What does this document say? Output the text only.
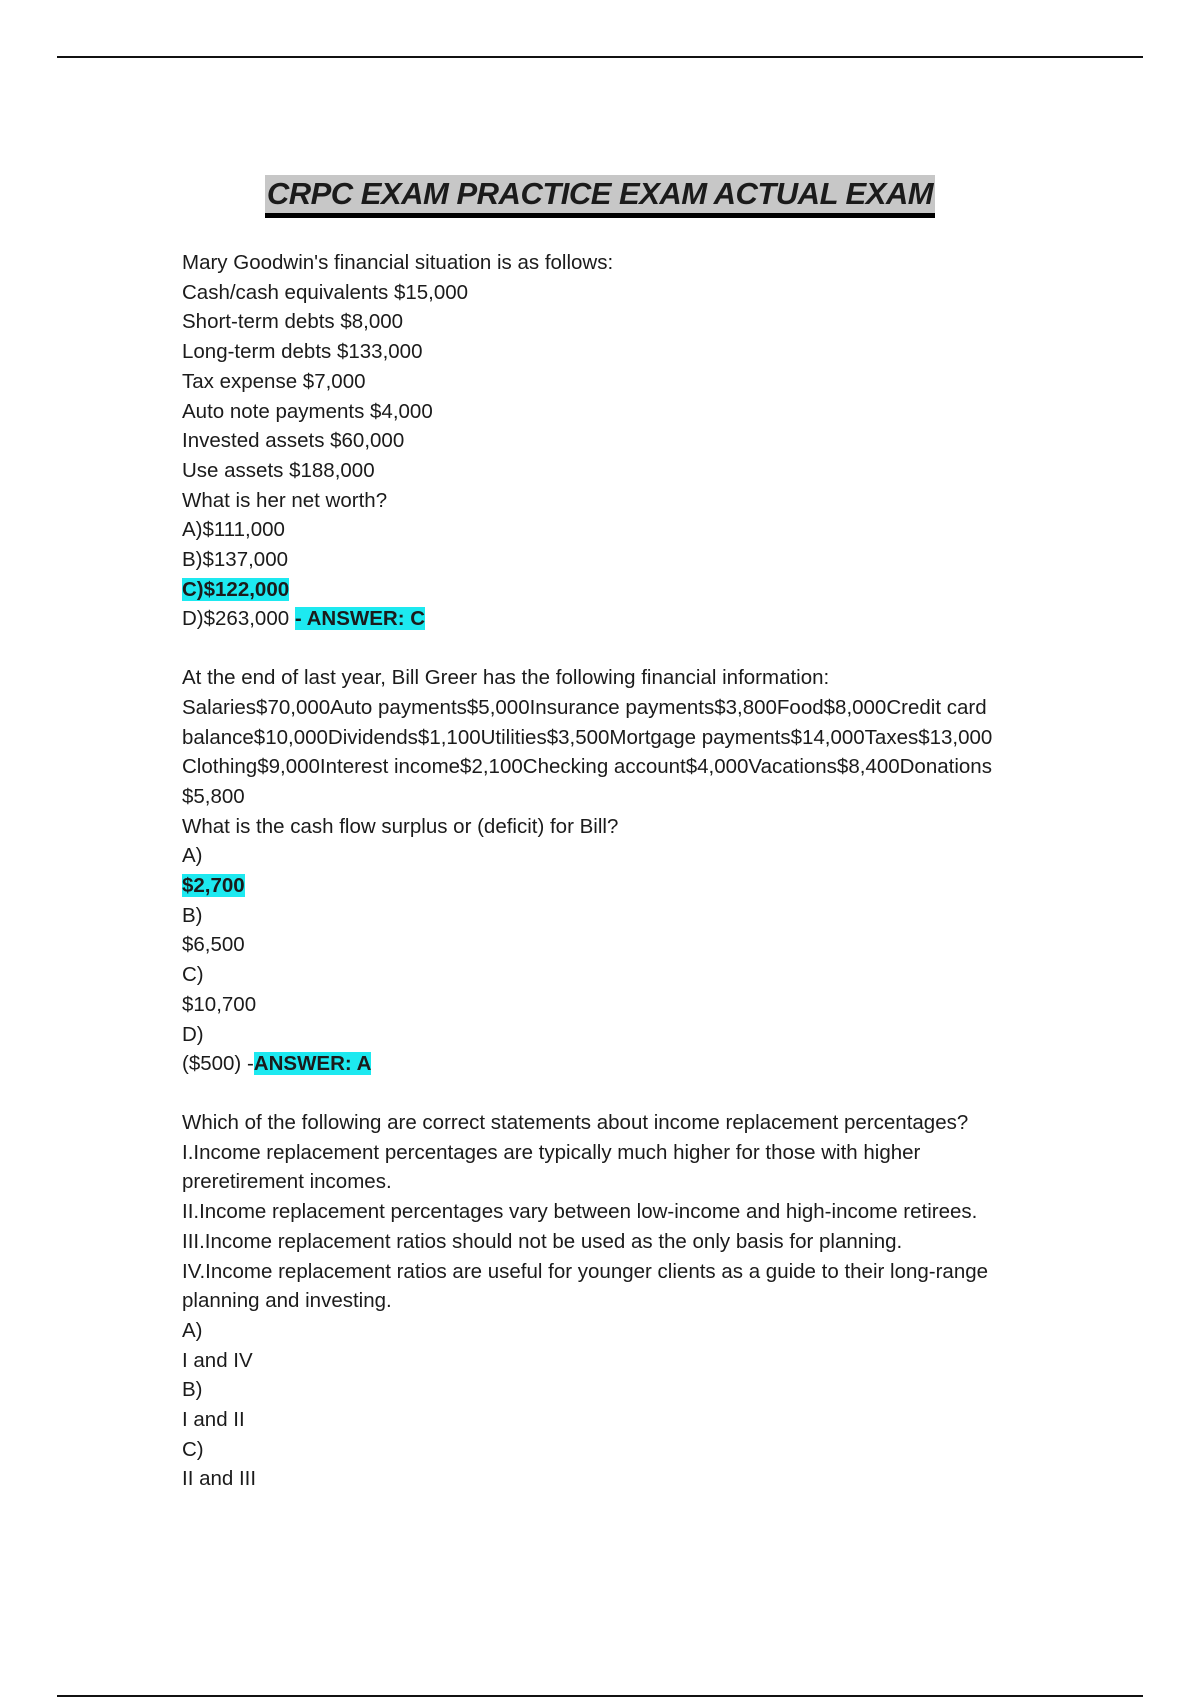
CRPC EXAM PRACTICE EXAM ACTUAL EXAM
Mary Goodwin's financial situation is as follows:
Cash/cash equivalents $15,000
Short-term debts $8,000
Long-term debts $133,000
Tax expense $7,000
Auto note payments $4,000
Invested assets $60,000
Use assets $188,000
What is her net worth?
A)$111,000
B)$137,000
C)$122,000
D)$263,000 - ANSWER: C
At the end of last year, Bill Greer has the following financial information:
Salaries$70,000Auto payments$5,000Insurance payments$3,800Food$8,000Credit card balance$10,000Dividends$1,100Utilities$3,500Mortgage payments$14,000Taxes$13,000Clothing$9,000Interest income$2,100Checking account$4,000Vacations$8,400Donations$5,800
What is the cash flow surplus or (deficit) for Bill?
A)
$2,700
B)
$6,500
C)
$10,700
D)
($500) -ANSWER: A
Which of the following are correct statements about income replacement percentages?
I.Income replacement percentages are typically much higher for those with higher preretirement incomes.
II.Income replacement percentages vary between low-income and high-income retirees.
III.Income replacement ratios should not be used as the only basis for planning.
IV.Income replacement ratios are useful for younger clients as a guide to their long-range planning and investing.
A)
I and IV
B)
I and II
C)
II and III
